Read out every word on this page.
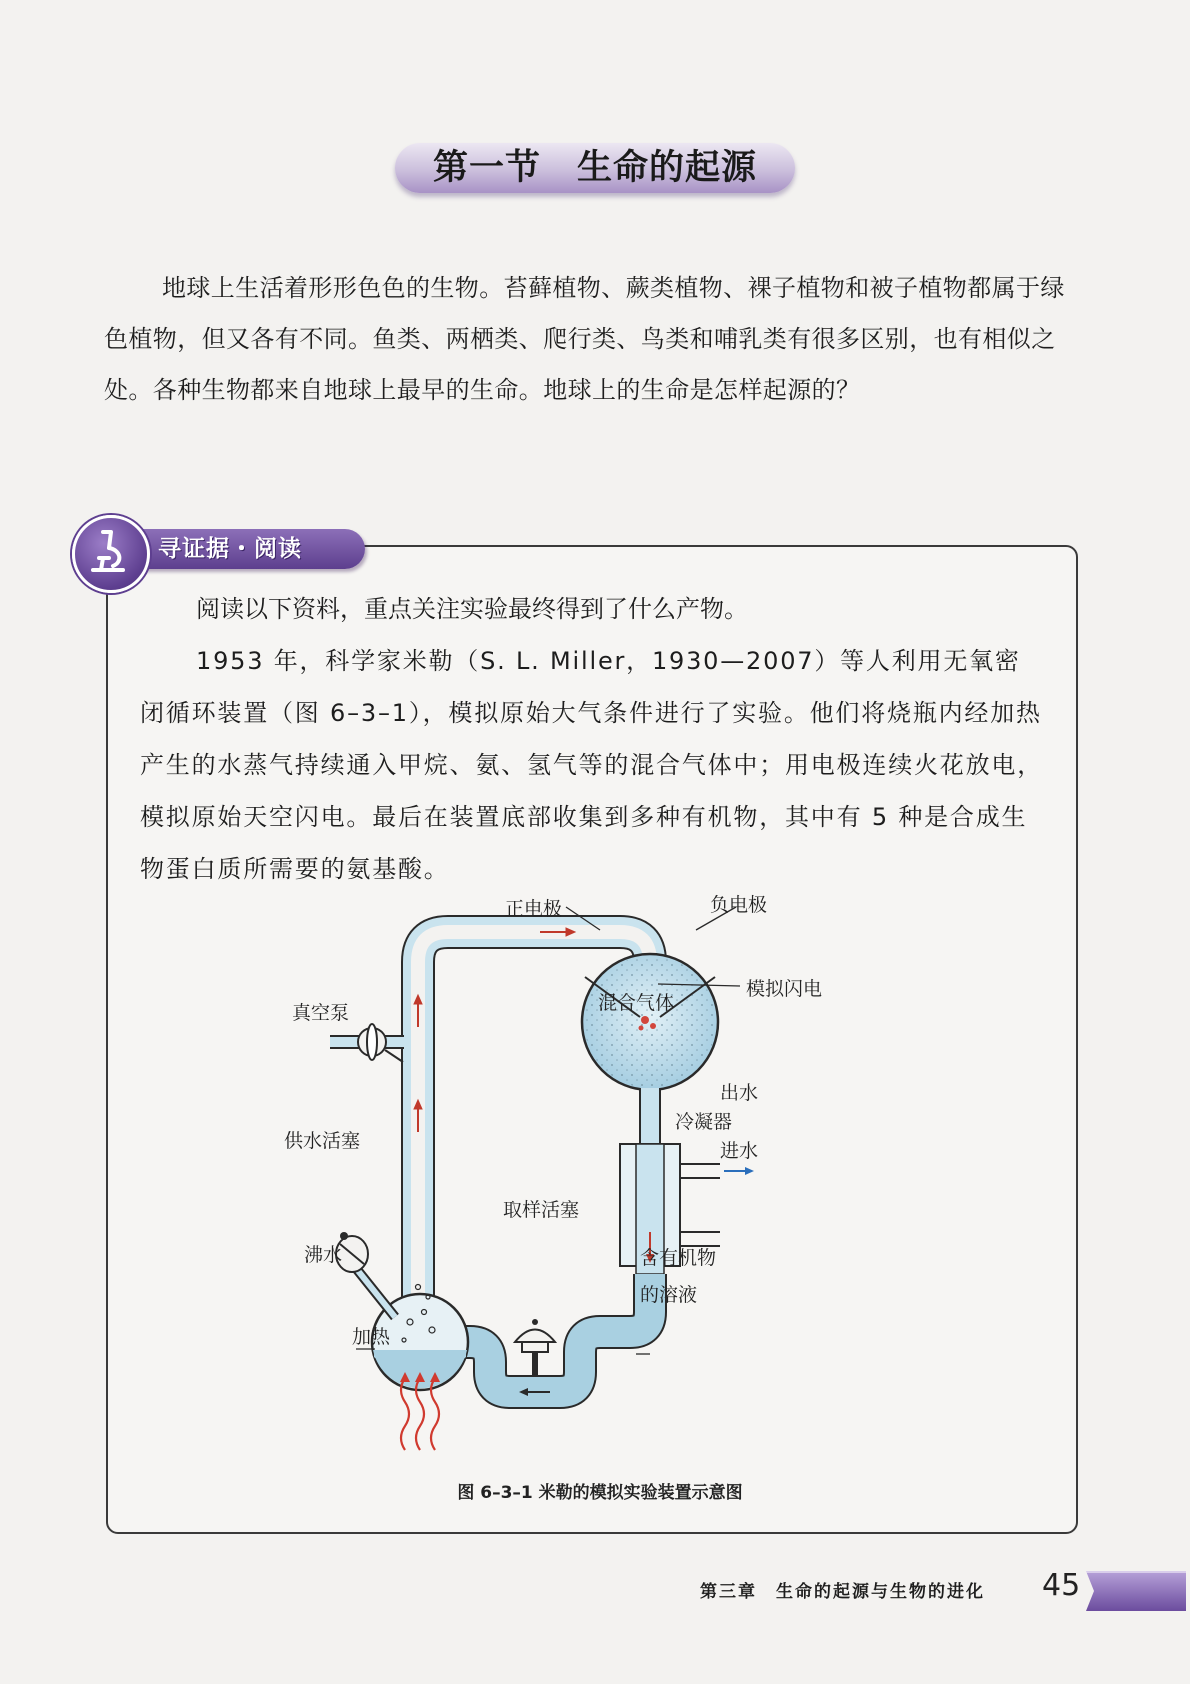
第一节　生命的起源

地球上生活着形形色色的生物。苔藓植物、蕨类植物、裸子植物和被子植物都属于绿色植物，但又各有不同。鱼类、两栖类、爬行类、鸟类和哺乳类有很多区别，也有相似之处。各种生物都来自地球上最早的生命。地球上的生命是怎样起源的？

寻证据・阅读
阅读以下资料，重点关注实验最终得到了什么产物。
1953 年，科学家米勒（S. L. Miller，1930—2007）等人利用无氧密闭循环装置（图 6–3–1），模拟原始大气条件进行了实验。他们将烧瓶内经加热产生的水蒸气持续通入甲烷、氨、氢气等的混合气体中；用电极连续火花放电，模拟原始天空闪电。最后在装置底部收集到多种有机物，其中有 5 种是合成生物蛋白质所需要的氨基酸。
正电极	负电极
模拟闪电
混合气体
真空泵
出水
冷凝器
进水
供水活塞
取样活塞
沸水	含有机物
的溶液
加热
图 6–3–1 米勒的模拟实验装置示意图
第三章　生命的起源与生物的进化 45
